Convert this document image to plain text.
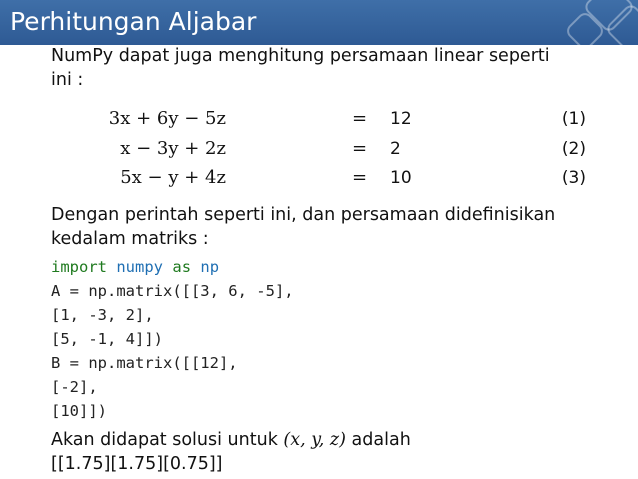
Perhitungan Aljabar
NumPy dapat juga menghitung persamaan linear seperti
ini :
3x + 6y − 5z	= 12	(1)
x − 3y + 2z	= 2	(2)
5x − y + 4z	= 10	(3)
Dengan perintah seperti ini, dan persamaan didefinisikan
kedalam matriks :
import numpy as np
A = np.matrix([[3, 6, -5],
[1, -3, 2],
[5, -1, 4]])
B = np.matrix([[12],
[-2],
[10]])
Akan didapat solusi untuk (x, y, z) adalah
[[1.75][1.75][0.75]]
